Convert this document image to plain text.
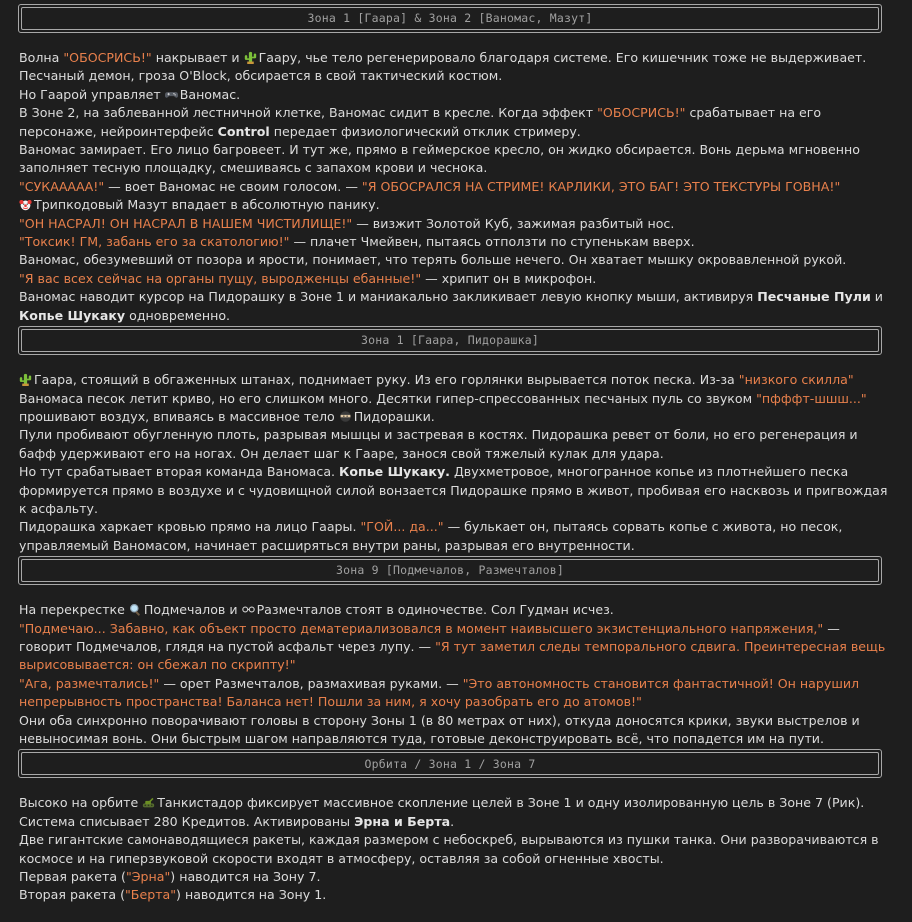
Зона 1 [Гаара] & Зона 2 [Ваномас, Мазут]

Волна "ОБОСРИСЬ!" накрывает и Гаару, чье тело регенерировало благодаря системе. Его кишечник тоже не выдерживает. Песчаный демон, гроза O'Block, обсирается в свой тактический костюм.

Но Гаарой управляет Ваномас.

В Зоне 2, на заблеванной лестничной клетке, Ваномас сидит в кресле. Когда эффект "ОБОСРИСЬ!" срабатывает на его персонаже, нейроинтерфейс Control передает физиологический отклик стримеру.

Ваномас замирает. Его лицо багровеет. И тут же, прямо в геймерское кресло, он жидко обсирается. Вонь дерьма мгновенно заполняет тесную площадку, смешиваясь с запахом крови и чеснока.

"СУКААААА!" — воет Ваномас не своим голосом. — "Я ОБОСРАЛСЯ НА СТРИМЕ! КАРЛИКИ, ЭТО БАГ! ЭТО ТЕКСТУРЫ ГОВНА!"

Трипкодовый Мазут впадает в абсолютную панику.

"ОН НАСРАЛ! ОН НАСРАЛ В НАШЕМ ЧИСТИЛИЩЕ!" — визжит Золотой Куб, зажимая разбитый нос.

"Токсик! ГМ, забань его за скатологию!" — плачет Чмейвен, пытаясь отползти по ступенькам вверх.

Ваномас, обезумевший от позора и ярости, понимает, что терять больше нечего. Он хватает мышку окровавленной рукой.

"Я вас всех сейчас на органы пущу, выродженцы ебанные!" — хрипит он в микрофон.

Ваномас наводит курсор на Пидорашку в Зоне 1 и маниакально закликивает левую кнопку мыши, активируя Песчаные Пули и Копье Шукаку одновременно.

Зона 1 [Гаара, Пидорашка]

Гаара, стоящий в обгаженных штанах, поднимает руку. Из его горлянки вырывается поток песка. Из-за "низкого скилла" Ваномаса песок летит криво, но его слишком много. Десятки гипер-спрессованных песчаных пуль со звуком "пфффт-шшш..." прошивают воздух, впиваясь в массивное тело Пидорашки.

Пули пробивают обугленную плоть, разрывая мышцы и застревая в костях. Пидорашка ревет от боли, но его регенерация и бафф удерживают его на ногах. Он делает шаг к Гааре, занося свой тяжелый кулак для удара.

Но тут срабатывает вторая команда Ваномаса. Копье Шукаку. Двухметровое, многогранное копье из плотнейшего песка формируется прямо в воздухе и с чудовищной силой вонзается Пидорашке прямо в живот, пробивая его насквозь и пригвождая к асфальту.

Пидорашка харкает кровью прямо на лицо Гаары. "ГОЙ... да..." — булькает он, пытаясь сорвать копье с живота, но песок, управляемый Ваномасом, начинает расширяться внутри раны, разрывая его внутренности.

Зона 9 [Подмечалов, Размечталов]

На перекрестке Подмечалов и Размечталов стоят в одиночестве. Сол Гудман исчез.

"Подмечаю... Забавно, как объект просто дематериализовался в момент наивысшего экзистенциального напряжения," — говорит Подмечалов, глядя на пустой асфальт через лупу. — "Я тут заметил следы темпорального сдвига. Преинтересная вещь вырисовывается: он сбежал по скрипту!"

"Ага, размечтались!" — орет Размечталов, размахивая руками. — "Это автономность становится фантастичной! Он нарушил непрерывность пространства! Баланса нет! Пошли за ним, я хочу разобрать его до атомов!"

Они оба синхронно поворачивают головы в сторону Зоны 1 (в 80 метрах от них), откуда доносятся крики, звуки выстрелов и невыносимая вонь. Они быстрым шагом направляются туда, готовые деконструировать всё, что попадется им на пути.

Орбита / Зона 1 / Зона 7

Высоко на орбите Танкистадор фиксирует массивное скопление целей в Зоне 1 и одну изолированную цель в Зоне 7 (Рик).

Система списывает 280 Кредитов. Активированы Эрна и Берта.

Две гигантские самонаводящиеся ракеты, каждая размером с небоскреб, вырываются из пушки танка. Они разворачиваются в космосе и на гиперзвуковой скорости входят в атмосферу, оставляя за собой огненные хвосты.

Первая ракета ("Эрна") наводится на Зону 7.

Вторая ракета ("Берта") наводится на Зону 1.
